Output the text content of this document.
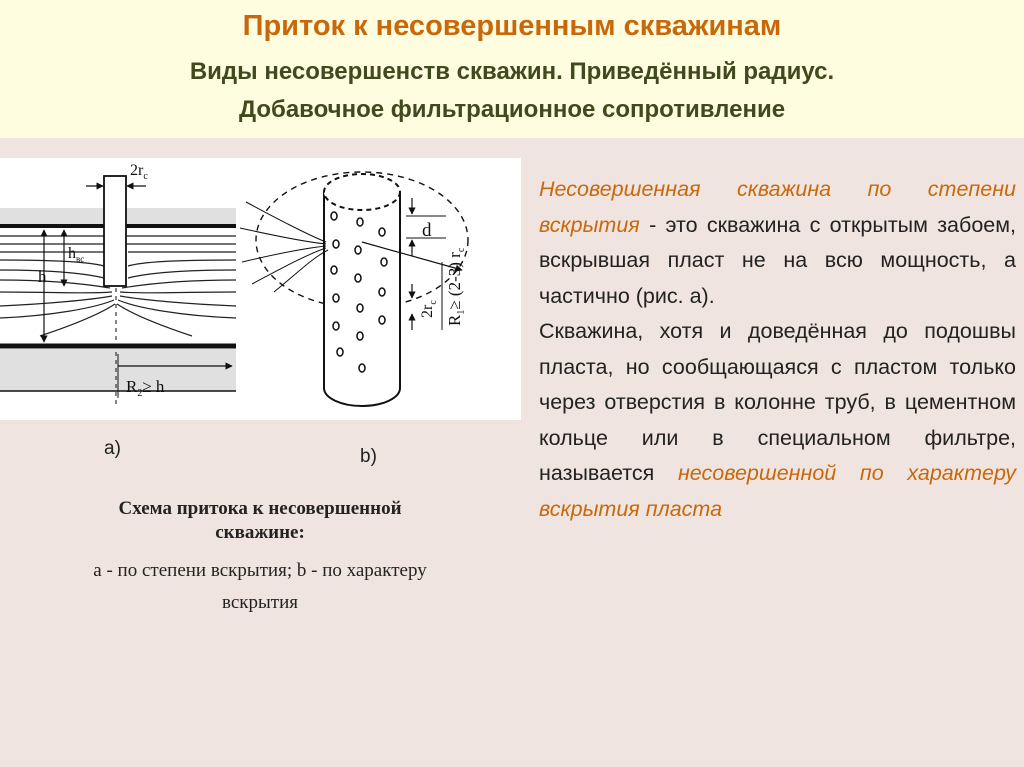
Приток к несовершенным скважинам
Виды несовершенств скважин. Приведённый радиус.
Добавочное фильтрационное сопротивление
$2r_c$
h
$h_{вс}$
$R_2\ge h$
d
$2r_c$
$R_1\ge (2-3)$ $r_c$
а)	b)
Схема притока к несовершенной
скважине:
а - по степени вскрытия; b - по характеру
вскрытия
Несовершенная скважина по степени вскрытия - это скважина с открытым забоем, вскрывшая пласт не на всю мощность, а частично (рис. а).
Скважина, хотя и доведённая до подошвы пласта, но сообщающаяся с пластом только через отверстия в колонне труб, в цементном кольце или в специальном фильтре, называется несовершенной по характеру вскрытия пласта
